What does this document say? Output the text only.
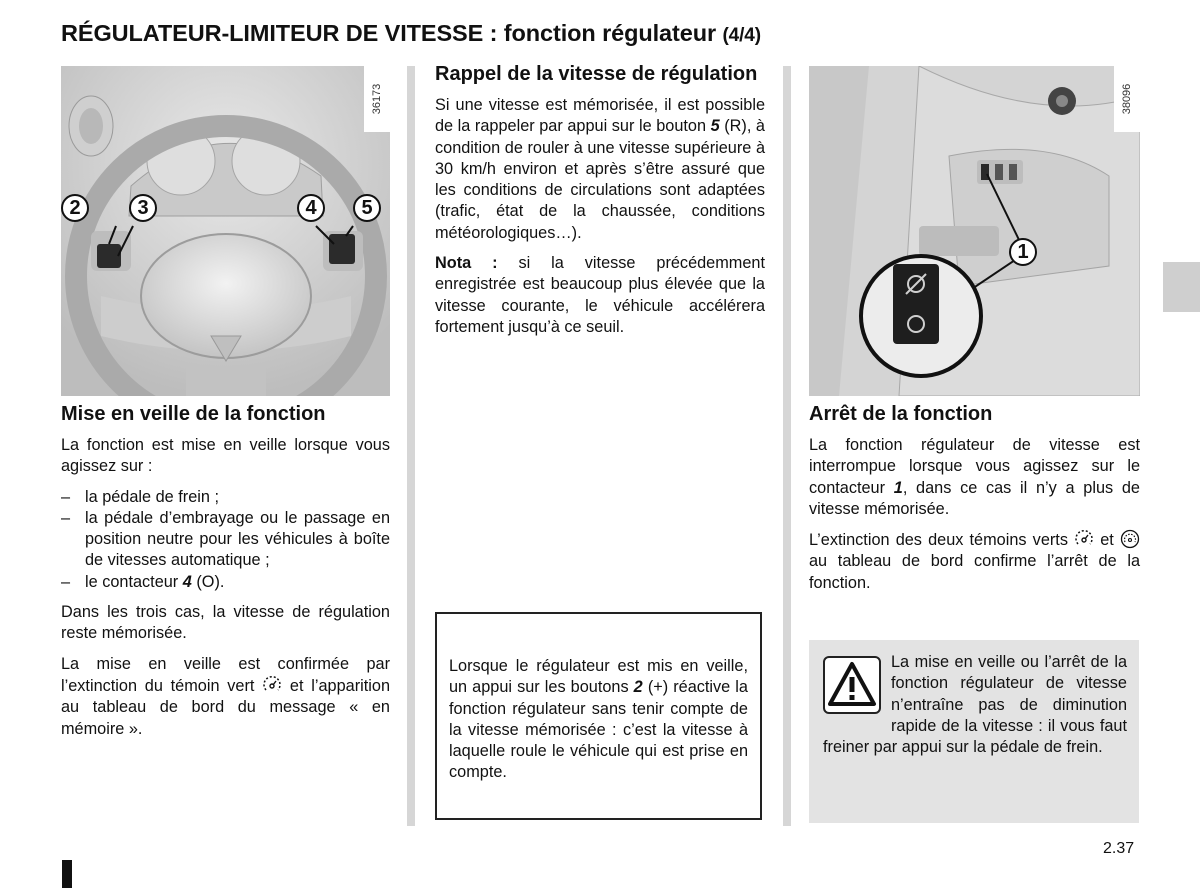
RÉGULATEUR-LIMITEUR DE VITESSE : fonction régulateur (4/4)
36173
2	3	4	5
38096
1
Mise en veille de la fonction

La fonction est mise en veille lorsque vous agissez sur :

– la pédale de frein ;
– la pédale d’embrayage ou le passage en position neutre pour les véhicules à boîte de vitesses automatique ;
– le contacteur 4 (O).

Dans les trois cas, la vitesse de régulation reste mémorisée.

La mise en veille est confirmée par l’extinction du témoin vert et l’apparition au tableau de bord du message « en mémoire ».

Rappel de la vitesse de régulation

Si une vitesse est mémorisée, il est possible de la rappeler par appui sur le bouton 5 (R), à condition de rouler à une vitesse supérieure à 30 km/h environ et après s’être assuré que les conditions de circulations sont adaptées (trafic, état de la chaussée, conditions météorologiques…).

Nota : si la vitesse précédemment enregistrée est beaucoup plus élevée que la vitesse courante, le véhicule accélérera fortement jusqu’à ce seuil.

Lorsque le régulateur est mis en veille, un appui sur les boutons 2 (+) réactive la fonction régulateur sans tenir compte de la vitesse mémorisée : c’est la vitesse à laquelle roule le véhicule qui est prise en compte.
Arrêt de la fonction

La fonction régulateur de vitesse est interrompue lorsque vous agissez sur le contacteur 1, dans ce cas il n’y a plus de vitesse mémorisée.

L’extinction des deux témoins verts et  au tableau de bord confirme l’arrêt de la fonction.

La mise en veille ou l’arrêt de la fonction régulateur de vitesse n’entraîne pas de diminution rapide de la vitesse : il vous faut freiner par appui sur la pédale de frein.
2.37
